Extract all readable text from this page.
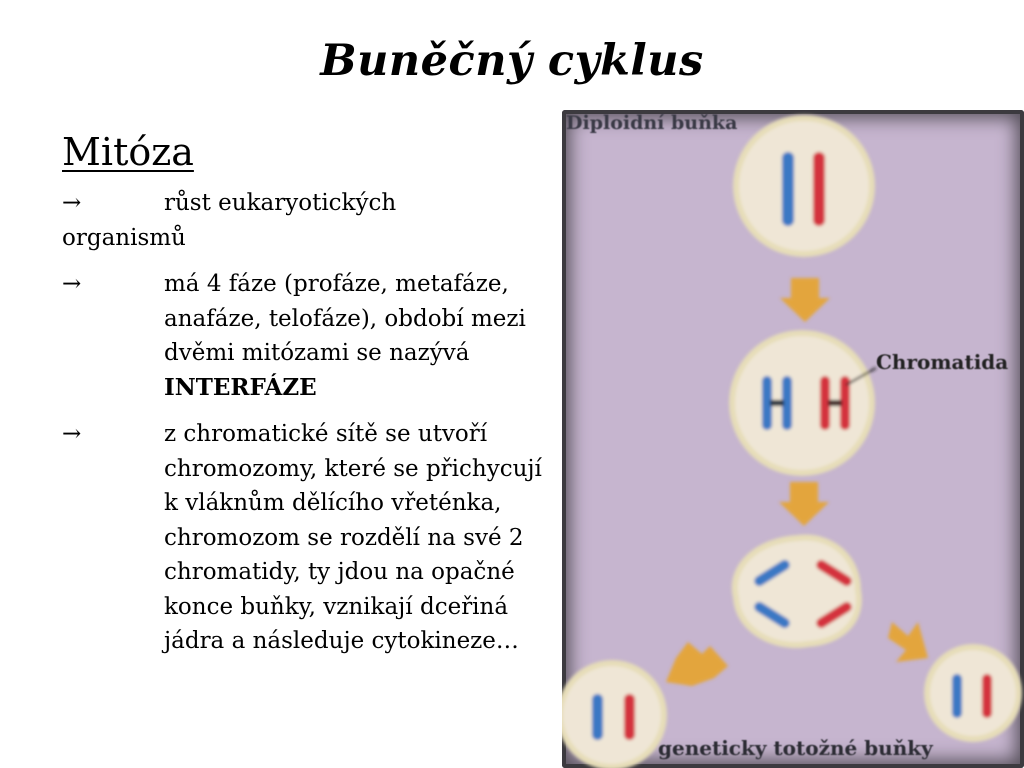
Buněčný cyklus
Mitóza
→	růst eukaryotických
organismů
→	má 4 fáze (profáze, metafáze, anafáze, telofáze), období mezi dvěmi mitózami se nazývá INTERFÁZE
→	z chromatické sítě se utvoří chromozomy, které se přichycují k vláknům dělícího vřeténka, chromozom se rozdělí na své 2 chromatidy, ty jdou na opačné konce buňky, vznikají dceřiná jádra a následuje cytokineze…
Diploidní buňka
Chromatida
geneticky totožné buňky
